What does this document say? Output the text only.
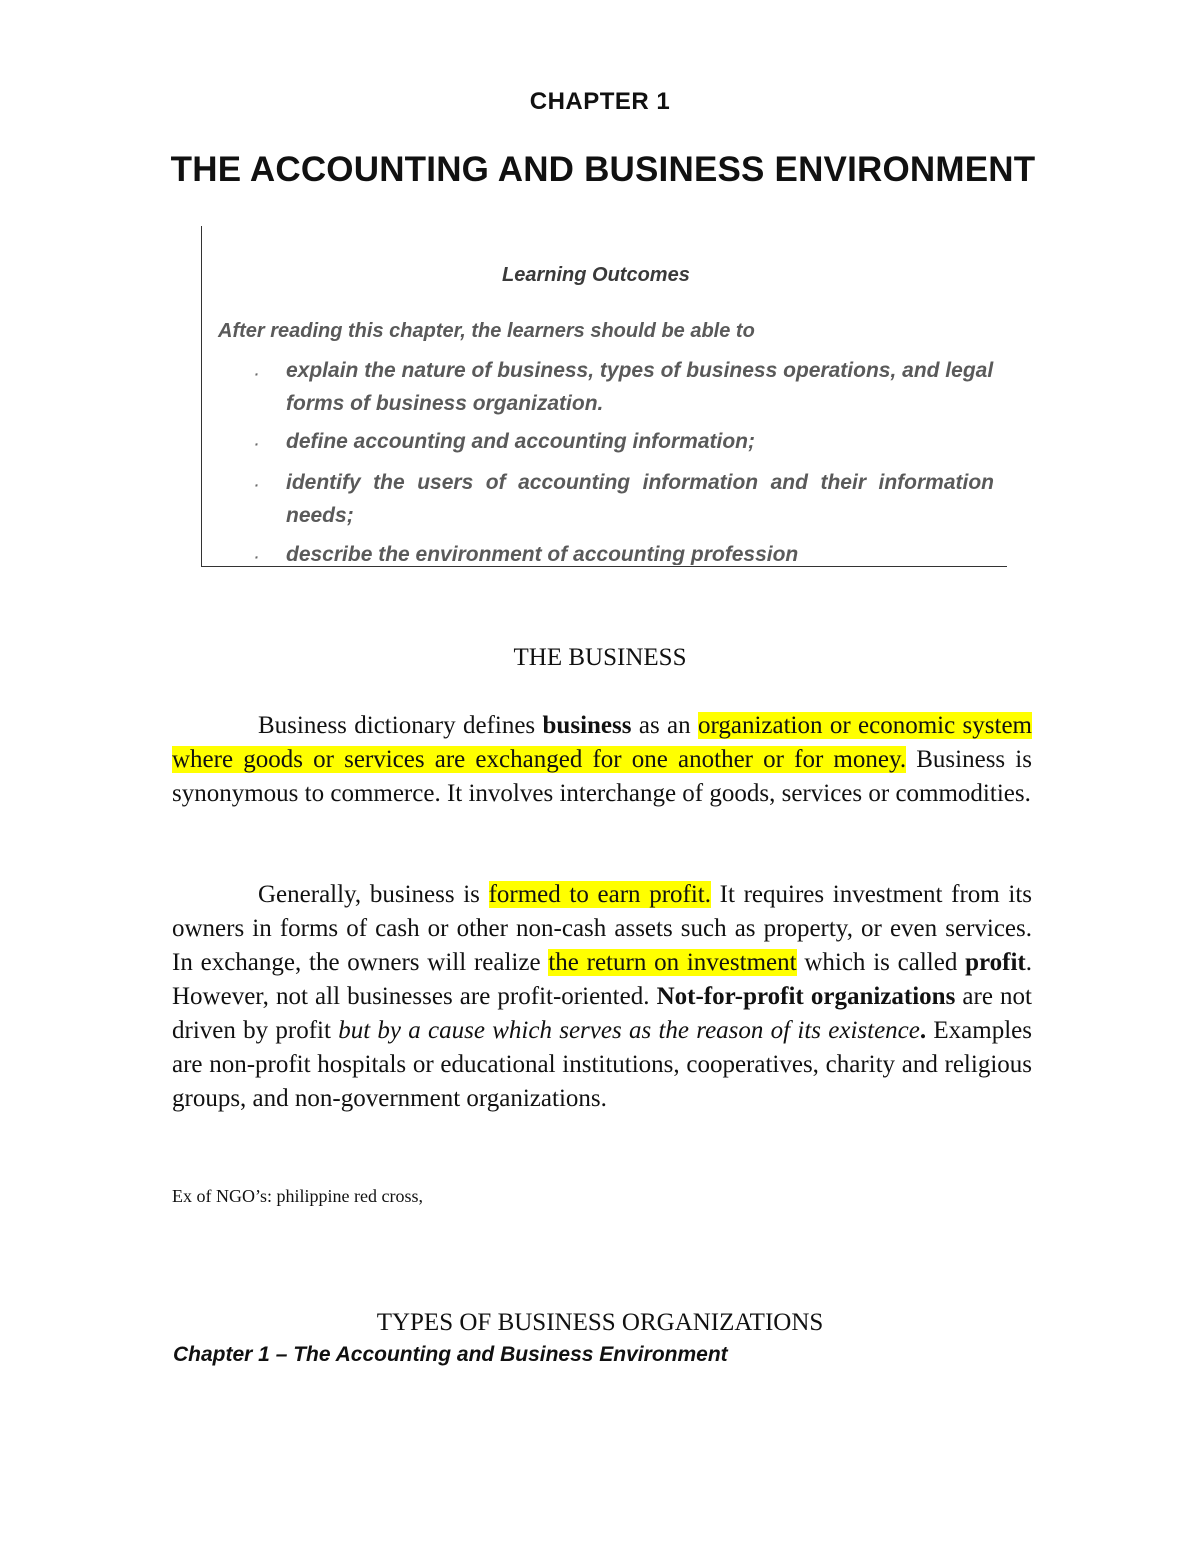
CHAPTER 1
THE ACCOUNTING AND BUSINESS ENVIRONMENT
Learning Outcomes
After reading this chapter, the learners should be able to
· explain the nature of business, types of business operations, and legal forms of business organization.
· define accounting and accounting information;
· identify the users of accounting information and their information needs;
· describe the environment of accounting profession
THE BUSINESS
Business dictionary defines business as an organization or economic system where goods or services are exchanged for one another or for money. Business is synonymous to commerce. It involves interchange of goods, services or commodities.
Generally, business is formed to earn profit. It requires investment from its owners in forms of cash or other non-cash assets such as property, or even services. In exchange, the owners will realize the return on investment which is called profit. However, not all businesses are profit-oriented. Not-for-profit organizations are not driven by profit but by a cause which serves as the reason of its existence. Examples are non-profit hospitals or educational institutions, cooperatives, charity and religious groups, and non-government organizations.
Ex of NGO’s: philippine red cross,
TYPES OF BUSINESS ORGANIZATIONS
Chapter 1 – The Accounting and Business Environment
